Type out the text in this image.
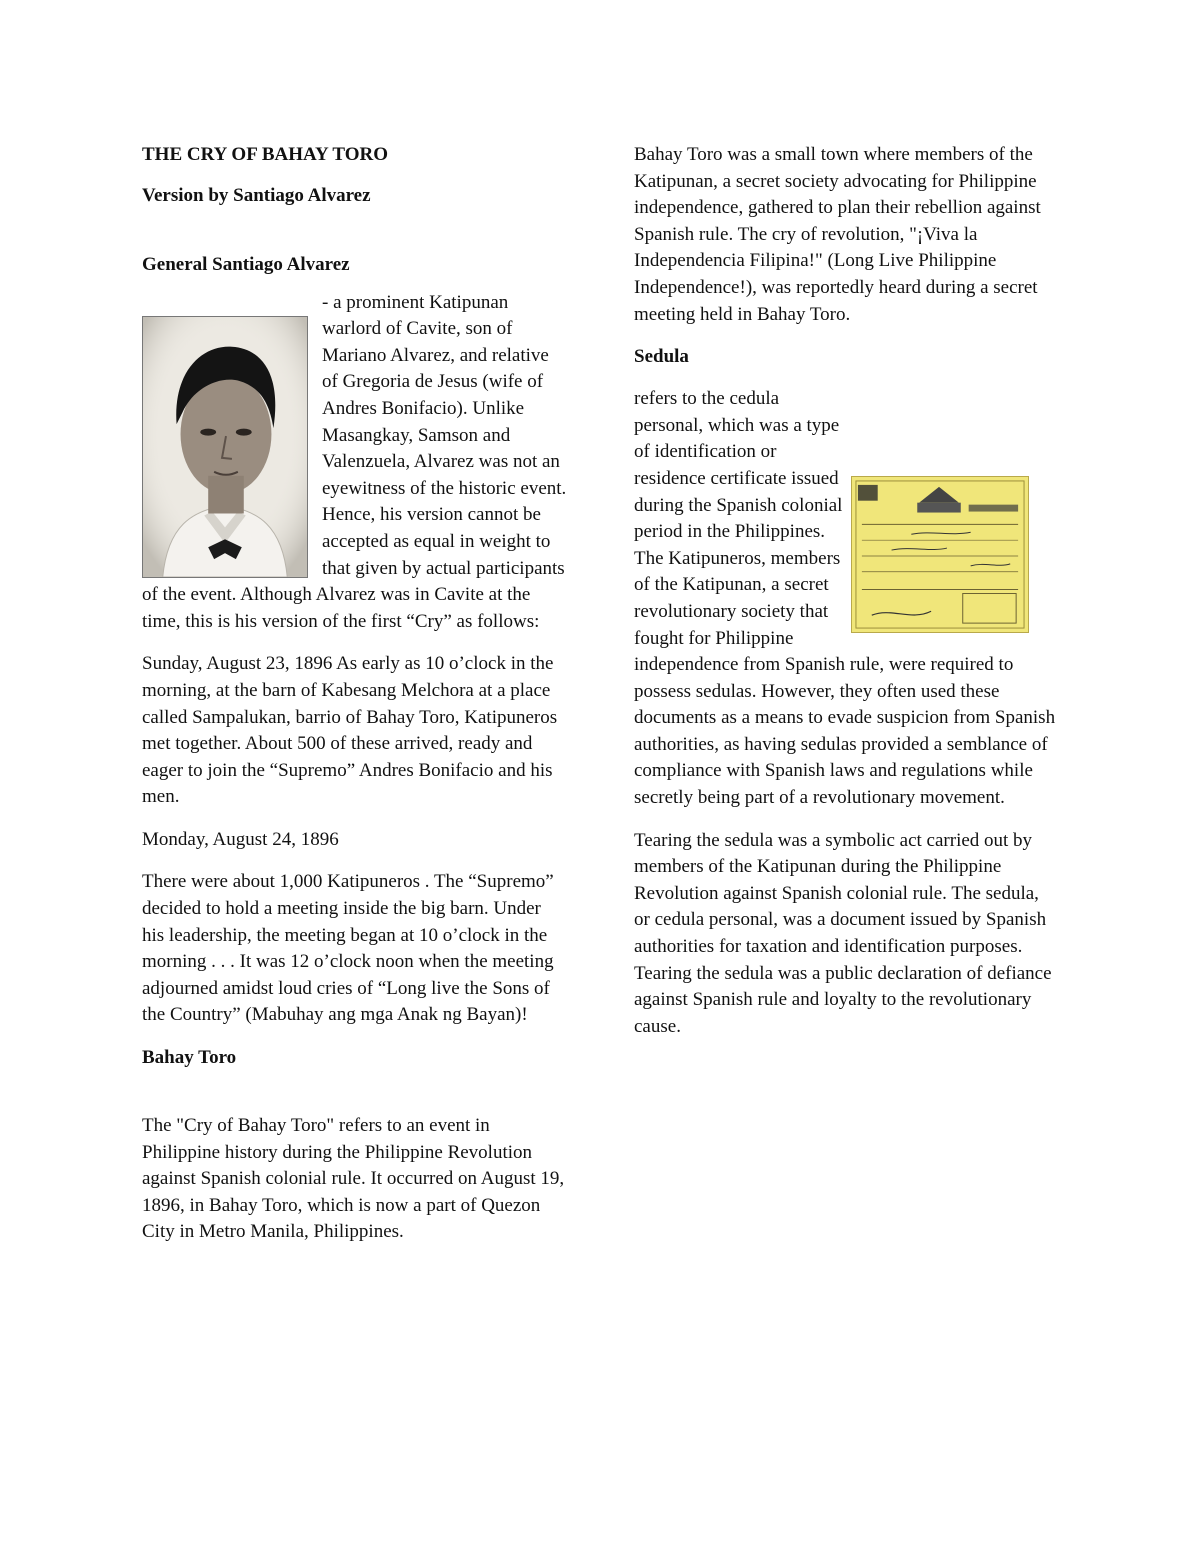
THE CRY OF BAHAY TORO

Version by Santiago Alvarez

General Santiago Alvarez

- a prominent Katipunan warlord of Cavite, son of Mariano Alvarez, and relative of Gregoria de Jesus (wife of Andres Bonifacio). Unlike Masangkay, Samson and Valenzuela, Alvarez was not an eyewitness of the historic event. Hence, his version cannot be accepted as equal in weight to that given by actual participants of the event. Although Alvarez was in Cavite at the time, this is his version of the first “Cry” as follows:

Sunday, August 23, 1896 As early as 10 o’clock in the morning, at the barn of Kabesang Melchora at a place called Sampalukan, barrio of Bahay Toro, Katipuneros met together. About 500 of these arrived, ready and eager to join the “Supremo” Andres Bonifacio and his men.

Monday, August 24, 1896

There were about 1,000 Katipuneros . The “Supremo” decided to hold a meeting inside the big barn. Under his leadership, the meeting began at 10 o’clock in the morning . . . It was 12 o’clock noon when the meeting adjourned amidst loud cries of “Long live the Sons of the Country” (Mabuhay ang mga Anak ng Bayan)!

Bahay Toro

The "Cry of Bahay Toro" refers to an event in Philippine history during the Philippine Revolution against Spanish colonial rule. It occurred on August 19, 1896, in Bahay Toro, which is now a part of Quezon City in Metro Manila, Philippines.

Bahay Toro was a small town where members of the Katipunan, a secret society advocating for Philippine independence, gathered to plan their rebellion against Spanish rule. The cry of revolution, "¡Viva la Independencia Filipina!" (Long Live Philippine Independence!), was reportedly heard during a secret meeting held in Bahay Toro.

Sedula

refers to the cedula personal, which was a type of identification or residence certificate issued during the Spanish colonial period in the Philippines. The Katipuneros, members of the Katipunan, a secret revolutionary society that fought for Philippine independence from Spanish rule, were required to possess sedulas. However, they often used these documents as a means to evade suspicion from Spanish authorities, as having sedulas provided a semblance of compliance with Spanish laws and regulations while secretly being part of a revolutionary movement.

Tearing the sedula was a symbolic act carried out by members of the Katipunan during the Philippine Revolution against Spanish colonial rule. The sedula, or cedula personal, was a document issued by Spanish authorities for taxation and identification purposes. Tearing the sedula was a public declaration of defiance against Spanish rule and loyalty to the revolutionary cause.
